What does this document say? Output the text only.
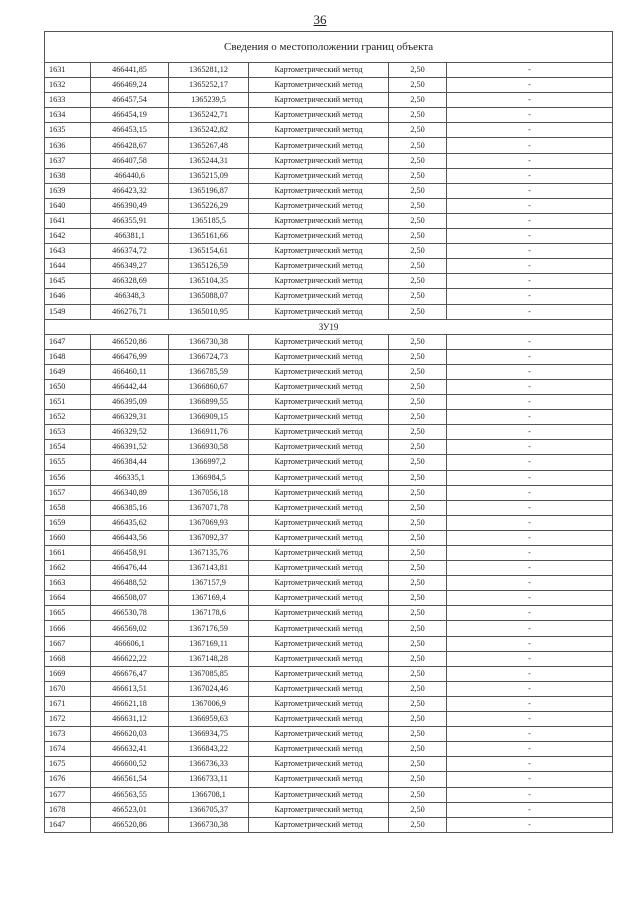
36
Сведения о местоположении границ объекта					
1631	466441,85	1365281,12	Картометрический метод	2,50	-
1632	466469,24	1365252,17	Картометрический метод	2,50	-
1633	466457,54	1365239,5	Картометрический метод	2,50	-
1634	466454,19	1365242,71	Картометрический метод	2,50	-
1635	466453,15	1365242,82	Картометрический метод	2,50	-
1636	466428,67	1365267,48	Картометрический метод	2,50	-
1637	466407,58	1365244,31	Картометрический метод	2,50	-
1638	466440,6	1365215,09	Картометрический метод	2,50	-
1639	466423,32	1365196,87	Картометрический метод	2,50	-
1640	466390,49	1365226,29	Картометрический метод	2,50	-
1641	466355,91	1365185,5	Картометрический метод	2,50	-
1642	466381,1	1365161,66	Картометрический метод	2,50	-
1643	466374,72	1365154,61	Картометрический метод	2,50	-
1644	466349,27	1365126,59	Картометрический метод	2,50	-
1645	466328,69	1365104,35	Картометрический метод	2,50	-
1646	466348,3	1365088,07	Картометрический метод	2,50	-
1549	466276,71	1365010,95	Картометрический метод	2,50	-
ЗУ19					
1647	466520,86	1366730,38	Картометрический метод	2,50	-
1648	466476,99	1366724,73	Картометрический метод	2,50	-
1649	466460,11	1366785,59	Картометрический метод	2,50	-
1650	466442,44	1366860,67	Картометрический метод	2,50	-
1651	466395,09	1366899,55	Картометрический метод	2,50	-
1652	466329,31	1366909,15	Картометрический метод	2,50	-
1653	466329,52	1366911,76	Картометрический метод	2,50	-
1654	466391,52	1366930,58	Картометрический метод	2,50	-
1655	466384,44	1366997,2	Картометрический метод	2,50	-
1656	466335,1	1366984,5	Картометрический метод	2,50	-
1657	466340,89	1367056,18	Картометрический метод	2,50	-
1658	466385,16	1367071,78	Картометрический метод	2,50	-
1659	466435,62	1367069,93	Картометрический метод	2,50	-
1660	466443,56	1367092,37	Картометрический метод	2,50	-
1661	466458,91	1367135,76	Картометрический метод	2,50	-
1662	466476,44	1367143,81	Картометрический метод	2,50	-
1663	466488,52	1367157,9	Картометрический метод	2,50	-
1664	466508,07	1367169,4	Картометрический метод	2,50	-
1665	466530,78	1367178,6	Картометрический метод	2,50	-
1666	466569,02	1367176,59	Картометрический метод	2,50	-
1667	466606,1	1367169,11	Картометрический метод	2,50	-
1668	466622,22	1367148,28	Картометрический метод	2,50	-
1669	466676,47	1367085,85	Картометрический метод	2,50	-
1670	466613,51	1367024,46	Картометрический метод	2,50	-
1671	466621,18	1367006,9	Картометрический метод	2,50	-
1672	466631,12	1366959,63	Картометрический метод	2,50	-
1673	466620,03	1366934,75	Картометрический метод	2,50	-
1674	466632,41	1366843,22	Картометрический метод	2,50	-
1675	466600,52	1366736,33	Картометрический метод	2,50	-
1676	466561,54	1366733,11	Картометрический метод	2,50	-
1677	466563,55	1366708,1	Картометрический метод	2,50	-
1678	466523,01	1366705,37	Картометрический метод	2,50	-
1647	466520,86	1366730,38	Картометрический метод	2,50	-
